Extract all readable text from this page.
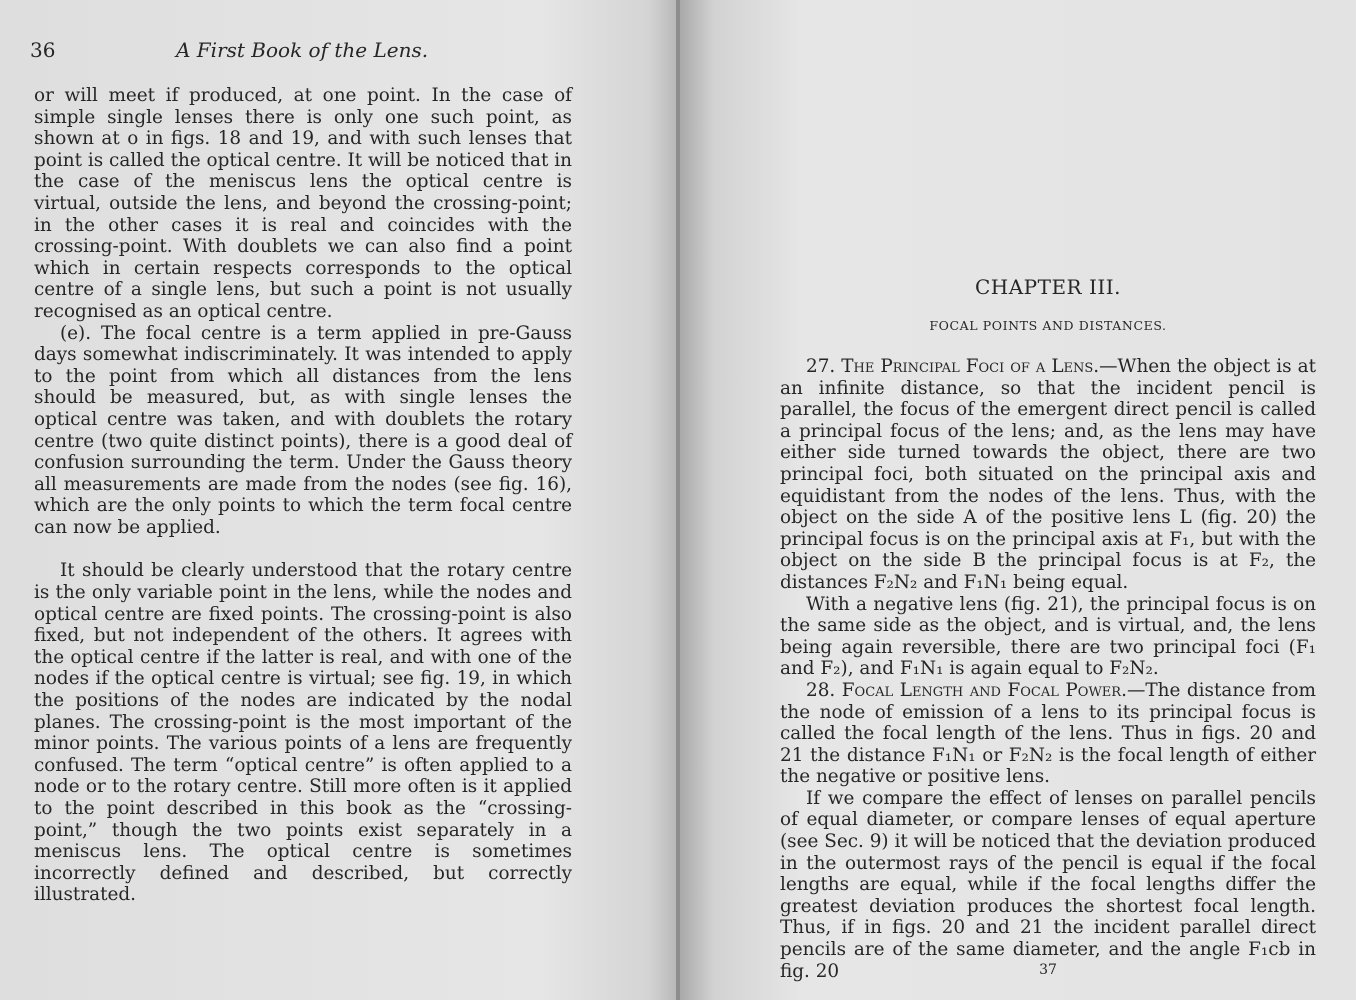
36	A First Book of the Lens.

or will meet if produced, at one point. In the case of simple single lenses there is only one such point, as shown at o in figs. 18 and 19, and with such lenses that point is called the optical centre. It will be noticed that in the case of the meniscus lens the optical centre is virtual, outside the lens, and beyond the crossing-point; in the other cases it is real and coincides with the crossing-point. With doublets we can also find a point which in certain respects corresponds to the optical centre of a single lens, but such a point is not usually recognised as an optical centre.

(e). The focal centre is a term applied in pre-Gauss days somewhat indiscriminately. It was intended to apply to the point from which all distances from the lens should be measured, but, as with single lenses the optical centre was taken, and with doublets the rotary centre (two quite distinct points), there is a good deal of confusion surrounding the term. Under the Gauss theory all measurements are made from the nodes (see fig. 16), which are the only points to which the term focal centre can now be applied.

It should be clearly understood that the rotary centre is the only variable point in the lens, while the nodes and optical centre are fixed points. The crossing-point is also fixed, but not independent of the others. It agrees with the optical centre if the latter is real, and with one of the nodes if the optical centre is virtual; see fig. 19, in which the positions of the nodes are indicated by the nodal planes. The crossing-point is the most important of the minor points. The various points of a lens are frequently confused. The term “optical centre” is often applied to a node or to the rotary centre. Still more often is it applied to the point described in this book as the “crossing-point,” though the two points exist separately in a meniscus lens. The optical centre is sometimes incorrectly defined and described, but correctly illustrated.

CHAPTER III.
FOCAL POINTS AND DISTANCES.

27. The Principal Foci of a Lens.—When the object is at an infinite distance, so that the incident pencil is parallel, the focus of the emergent direct pencil is called a principal focus of the lens; and, as the lens may have either side turned towards the object, there are two principal foci, both situated on the principal axis and equidistant from the nodes of the lens. Thus, with the object on the side A of the positive lens L (fig. 20) the principal focus is on the principal axis at F₁, but with the object on the side B the principal focus is at F₂, the distances F₂N₂ and F₁N₁ being equal.

With a negative lens (fig. 21), the principal focus is on the same side as the object, and is virtual, and, the lens being again reversible, there are two principal foci (F₁ and F₂), and F₁N₁ is again equal to F₂N₂.

28. Focal Length and Focal Power.—The distance from the node of emission of a lens to its principal focus is called the focal length of the lens. Thus in figs. 20 and 21 the distance F₁N₁ or F₂N₂ is the focal length of either the negative or positive lens.

If we compare the effect of lenses on parallel pencils of equal diameter, or compare lenses of equal aperture (see Sec. 9) it will be noticed that the deviation produced in the outermost rays of the pencil is equal if the focal lengths are equal, while if the focal lengths differ the greatest deviation produces the shortest focal length. Thus, if in figs. 20 and 21 the incident parallel direct pencils are of the same diameter, and the angle F₁cb in fig. 20	37
